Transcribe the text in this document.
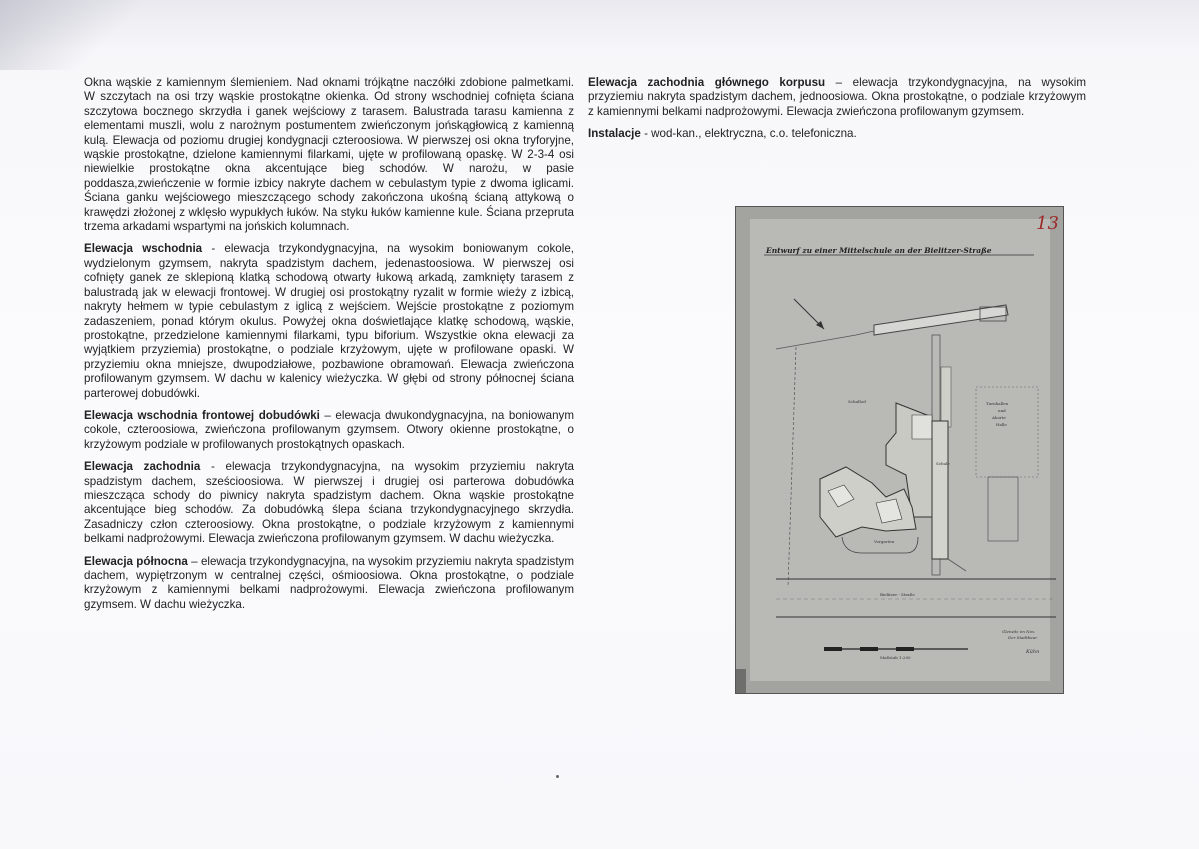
Okna wąskie z kamiennym ślemieniem. Nad oknami trójkątne naczółki zdobione palmetkami. W szczytach na osi trzy wąskie prostokątne okienka. Od strony wschodniej cofnięta ściana szczytowa bocznego skrzydła i ganek wejściowy z tarasem. Balustrada tarasu kamienna z elementami muszli, wolu z narożnym postumentem zwieńczonym jońskągłowicą z kamienną kulą. Elewacja od poziomu drugiej kondygnacji czteroosiowa. W pierwszej osi okna tryforyjne, wąskie prostokątne, dzielone kamiennymi filarkami, ujęte w profilowaną opaskę. W 2-3-4 osi niewielkie prostokątne okna akcentujące bieg schodów. W narożu, w pasie poddasza,zwieńczenie w formie izbicy nakryte dachem w cebulastym typie z dwoma iglicami. Ściana ganku wejściowego mieszczącego schody zakończona ukośną ścianą attykową o krawędzi złożonej z wklęsło wypukłych łuków. Na styku łuków kamienne kule. Ściana przepruta trzema arkadami wspartymi na jońskich kolumnach.

Elewacja wschodnia - elewacja trzykondygnacyjna, na wysokim boniowanym cokole, wydzielonym gzymsem, nakryta spadzistym dachem, jedenastoosiowa. W pierwszej osi cofnięty ganek ze sklepioną klatką schodową otwarty łukową arkadą, zamknięty tarasem z balustradą jak w elewacji frontowej. W drugiej osi prostokątny ryzalit w formie wieży z izbicą, nakryty hełmem w typie cebulastym z iglicą z wejściem. Wejście prostokątne z poziomym zadaszeniem, ponad którym okulus. Powyżej okna doświetlające klatkę schodową, wąskie, prostokątne, przedzielone kamiennymi filarkami, typu biforium. Wszystkie okna elewacji za wyjątkiem przyziemia) prostokątne, o podziale krzyżowym, ujęte w profilowane opaski. W przyziemiu okna mniejsze, dwupodziałowe, pozbawione obramowań. Elewacja zwieńczona profilowanym gzymsem. W dachu w kalenicy wieżyczka. W głębi od strony północnej ściana parterowej dobudówki.

Elewacja wschodnia frontowej dobudówki – elewacja dwukondygnacyjna, na boniowanym cokole, czteroosiowa, zwieńczona profilowanym gzymsem. Otwory okienne prostokątne, o krzyżowym podziale w profilowanych prostokątnych opaskach.

Elewacja zachodnia - elewacja trzykondygnacyjna, na wysokim przyziemiu nakryta spadzistym dachem, sześcioosiowa. W pierwszej i drugiej osi parterowa dobudówka mieszcząca schody do piwnicy nakryta spadzistym dachem. Okna wąskie prostokątne akcentujące bieg schodów. Za dobudówką ślepa ściana trzykondygnacyjnego skrzydła. Zasadniczy człon czteroosiowy. Okna prostokątne, o podziale krzyżowym z kamiennymi belkami nadprożowymi. Elewacja zwieńczona profilowanym gzymsem. W dachu wieżyczka.

Elewacja północna – elewacja trzykondygnacyjna, na wysokim przyziemiu nakryta spadzistym dachem, wypiętrzonym w centralnej części, ośmioosiowa. Okna prostokątne, o podziale krzyżowym z kamiennymi belkami nadprożowymi. Elewacja zwieńczona profilowanym gzymsem. W dachu wieżyczka.

Elewacja zachodnia głównego korpusu – elewacja trzykondygnacyjna, na wysokim przyziemiu nakryta spadzistym dachem, jednoosiowa. Okna prostokątne, o podziale krzyżowym z kamiennymi belkami nadprożowymi. Elewacja zwieńczona profilowanym gzymsem.

Instalacje - wod-kan., elektryczna, c.o. telefoniczna.

13
Entwurf zu einer Mittelschule an der Bielitzer-Straße
Turnhallen
und
Aborte
Halle
Schulhof
Schule
Vorgarten
Bielitzer - Straße
Maßstab 1:200
Gleiwitz im Nov.
Der Stadtbaur.
Kühn
